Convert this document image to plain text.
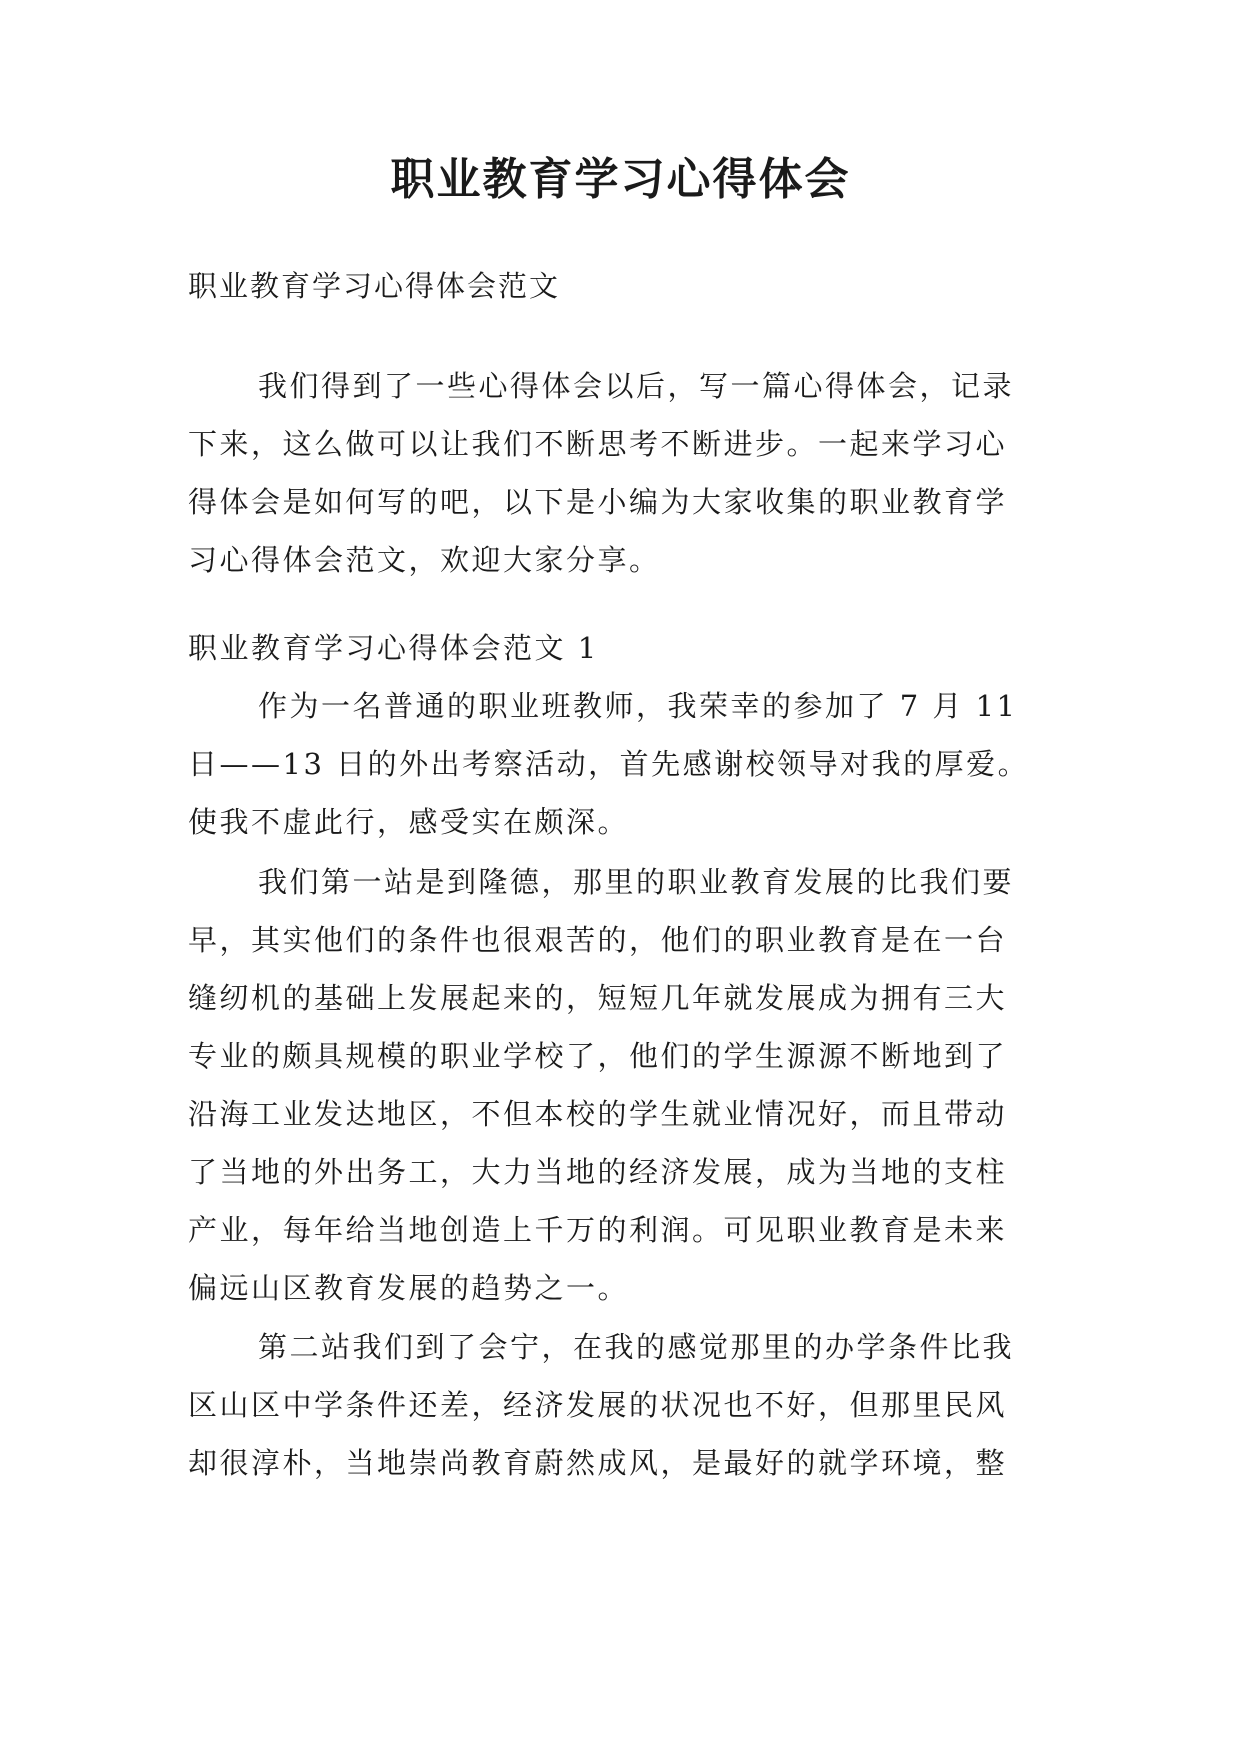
职业教育学习心得体会
职业教育学习心得体会范文
我们得到了一些心得体会以后，写一篇心得体会，记录
下来，这么做可以让我们不断思考不断进步。一起来学习心
得体会是如何写的吧，以下是小编为大家收集的职业教育学
习心得体会范文，欢迎大家分享。
职业教育学习心得体会范文 1
作为一名普通的职业班教师，我荣幸的参加了 7 月 11
日——13 日的外出考察活动，首先感谢校领导对我的厚爱。
使我不虚此行，感受实在颇深。
我们第一站是到隆德，那里的职业教育发展的比我们要
早，其实他们的条件也很艰苦的，他们的职业教育是在一台
缝纫机的基础上发展起来的，短短几年就发展成为拥有三大
专业的颇具规模的职业学校了，他们的学生源源不断地到了
沿海工业发达地区，不但本校的学生就业情况好，而且带动
了当地的外出务工，大力当地的经济发展，成为当地的支柱
产业，每年给当地创造上千万的利润。可见职业教育是未来
偏远山区教育发展的趋势之一。
第二站我们到了会宁，在我的感觉那里的办学条件比我
区山区中学条件还差，经济发展的状况也不好，但那里民风
却很淳朴，当地崇尚教育蔚然成风，是最好的就学环境，整
